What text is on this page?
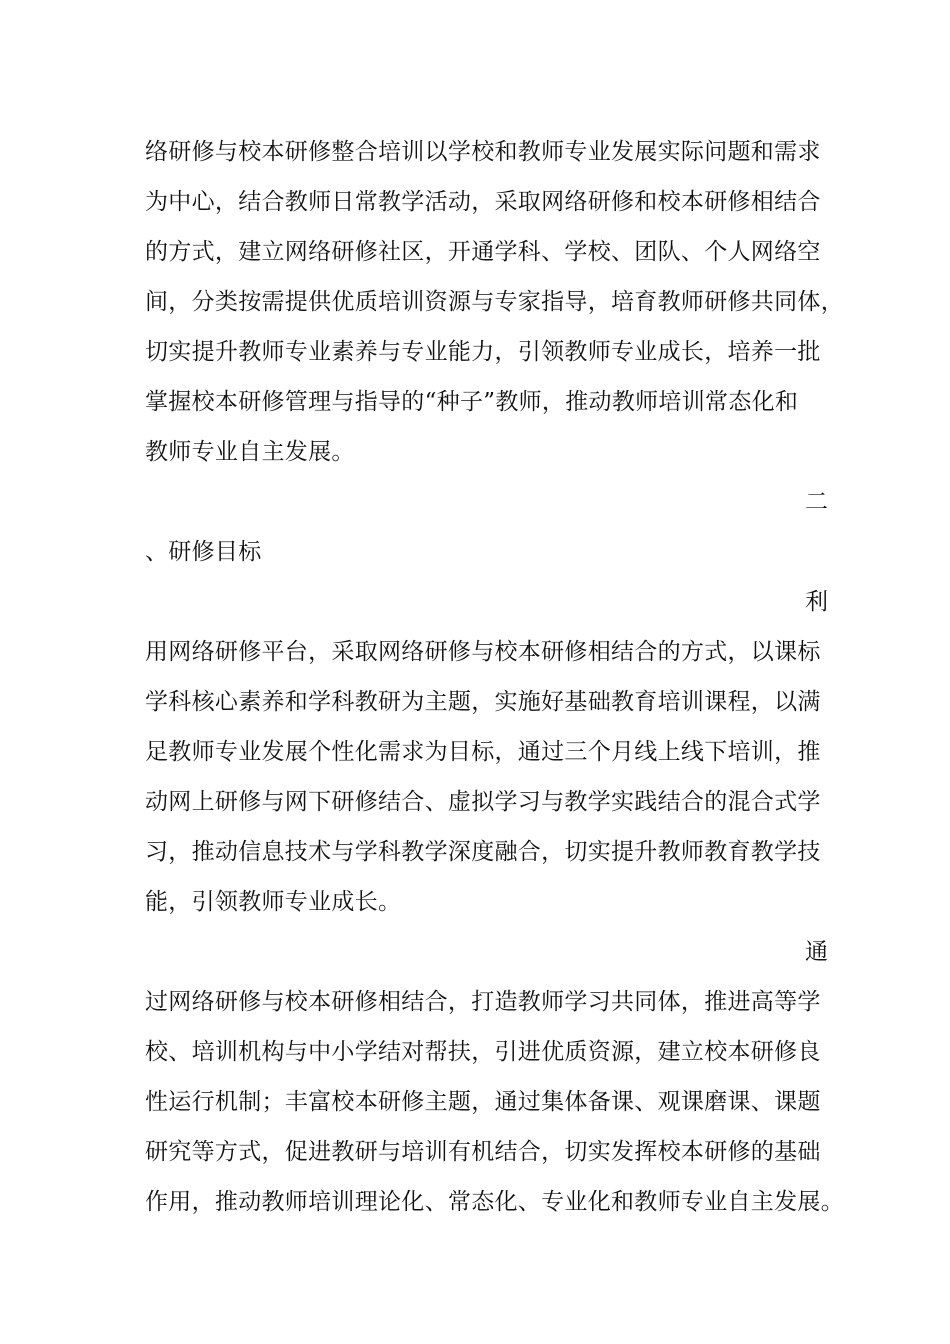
络研修与校本研修整合培训以学校和教师专业发展实际问题和需求
为中心，结合教师日常教学活动，采取网络研修和校本研修相结合
的方式，建立网络研修社区，开通学科、学校、团队、个人网络空
间，分类按需提供优质培训资源与专家指导，培育教师研修共同体，
切实提升教师专业素养与专业能力，引领教师专业成长，培养一批
掌握校本研修管理与指导的“种子”教师，推动教师培训常态化和
教师专业自主发展。
二
、研修目标
利
用网络研修平台，采取网络研修与校本研修相结合的方式，以课标
学科核心素养和学科教研为主题，实施好基础教育培训课程，以满
足教师专业发展个性化需求为目标，通过三个月线上线下培训，推
动网上研修与网下研修结合、虚拟学习与教学实践结合的混合式学
习，推动信息技术与学科教学深度融合，切实提升教师教育教学技
能，引领教师专业成长。
通
过网络研修与校本研修相结合，打造教师学习共同体，推进高等学
校、培训机构与中小学结对帮扶，引进优质资源，建立校本研修良
性运行机制；丰富校本研修主题，通过集体备课、观课磨课、课题
研究等方式，促进教研与培训有机结合，切实发挥校本研修的基础
作用，推动教师培训理论化、常态化、专业化和教师专业自主发展。
